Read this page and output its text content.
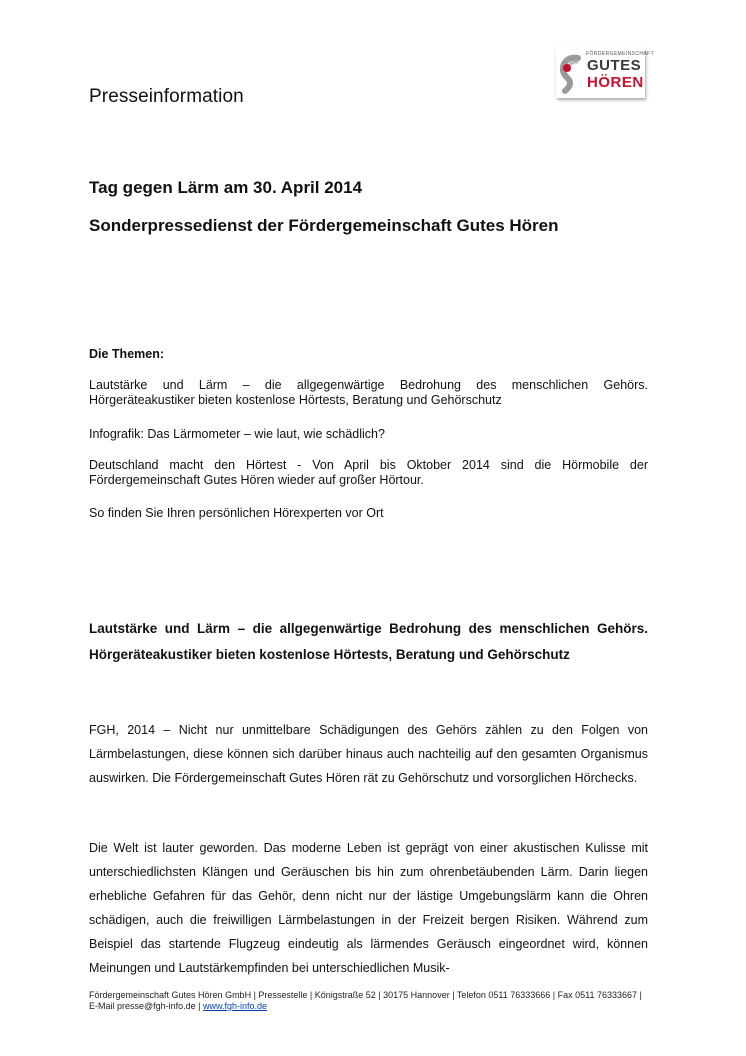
Presseinformation
FÖRDERGEMEINSCHAFT
GUTES
HÖREN
Tag gegen Lärm am 30. April 2014
Sonderpressedienst der Fördergemeinschaft Gutes Hören
Die Themen:

Lautstärke und Lärm – die allgegenwärtige Bedrohung des menschlichen Gehörs. Hörgeräteakustiker bieten kostenlose Hörtests, Beratung und Gehörschutz

Infografik: Das Lärmometer – wie laut, wie schädlich?

Deutschland macht den Hörtest - Von April bis Oktober 2014 sind die Hörmobile der Fördergemeinschaft Gutes Hören wieder auf großer Hörtour.

So finden Sie Ihren persönlichen Hörexperten vor Ort

Lautstärke und Lärm – die allgegenwärtige Bedrohung des menschlichen Gehörs. Hörgeräteakustiker bieten kostenlose Hörtests, Beratung und Gehörschutz
FGH, 2014 – Nicht nur unmittelbare Schädigungen des Gehörs zählen zu den Folgen von Lärmbelastungen, diese können sich darüber hinaus auch nachteilig auf den gesamten Organismus auswirken. Die Fördergemeinschaft Gutes Hören rät zu Gehörschutz und vorsorglichen Hörchecks.
Die Welt ist lauter geworden. Das moderne Leben ist geprägt von einer akustischen Kulisse mit unterschiedlichsten Klängen und Geräuschen bis hin zum ohrenbetäubenden Lärm. Darin liegen erhebliche Gefahren für das Gehör, denn nicht nur der lästige Umgebungslärm kann die Ohren schädigen, auch die freiwilligen Lärmbelastungen in der Freizeit bergen Risiken. Während zum Beispiel das startende Flugzeug eindeutig als lärmendes Geräusch eingeordnet wird, können Meinungen und Lautstärkempfinden bei unterschiedlichen Musik-
Fördergemeinschaft Gutes Hören GmbH | Pressestelle | Königstraße 52 | 30175 Hannover | Telefon 0511 76333666 | Fax 0511 76333667 | E-Mail presse@fgh-info.de | www.fgh-info.de
